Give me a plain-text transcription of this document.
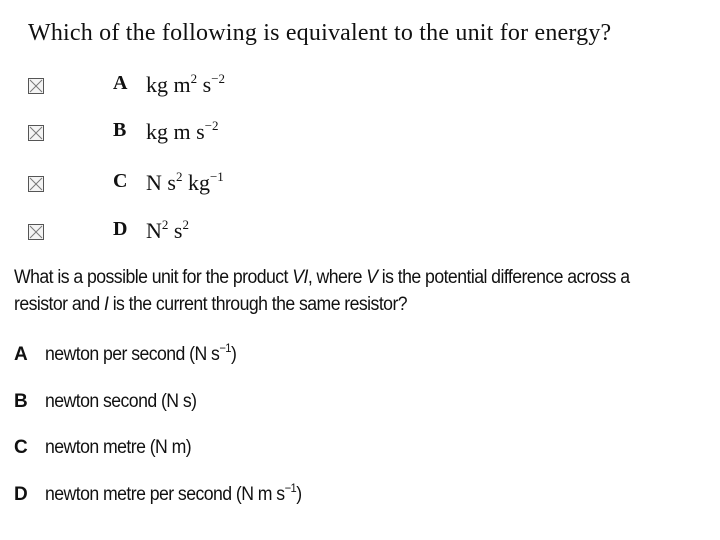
Which of the following is equivalent to the unit for energy?
A kg $m^2$ $s^{-2}$
B kg m $s^{-2}$
C N $s^2$ $kg^{-1}$
D $N^2$ $s^2$
What is a possible unit for the product VI, where V is the potential difference across a resistor and I is the current through the same resistor?
A newton per second (N $s^{-1}$)
B newton second (N s)
C newton metre (N m)
D newton metre per second (N m $s^{-1}$)
